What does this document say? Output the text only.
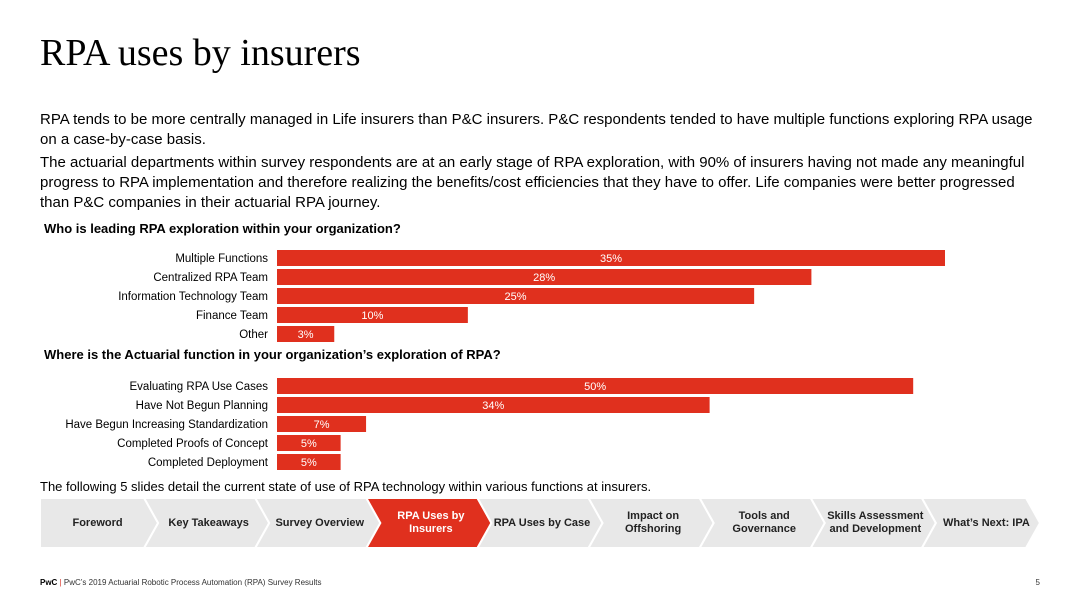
RPA uses by insurers

RPA tends to be more centrally managed in Life insurers than P&C insurers. P&C respondents tended to have multiple functions exploring RPA usage on a case-by-case basis.

The actuarial departments within survey respondents are at an early stage of RPA exploration, with 90% of insurers having not made any meaningful progress to RPA implementation and therefore realizing the benefits/cost efficiencies that they have to offer. Life companies were better progressed than P&C companies in their actuarial RPA journey.

Who is leading RPA exploration within your organization?

Multiple Functions	35%
Centralized RPA Team	28%
Information Technology Team	25%
Finance Team	10%
Other	3%

Where is the Actuarial function in your organization’s exploration of RPA?

Evaluating RPA Use Cases	50%
Have Not Begun Planning	34%
Have Begun Increasing Standardization	7%
Completed Proofs of Concept	5%
Completed Deployment	5%

The following 5 slides detail the current state of use of RPA technology within various functions at insurers.

Foreword	Key Takeaways	Survey Overview
RPA Uses by Insurers
RPA Uses by Case
Impact on Offshoring
Tools and Governance
Skills Assessment and Development
What’s Next: IPA
PwC | PwC’s 2019 Actuarial Robotic Process Automation (RPA) Survey Results	5
